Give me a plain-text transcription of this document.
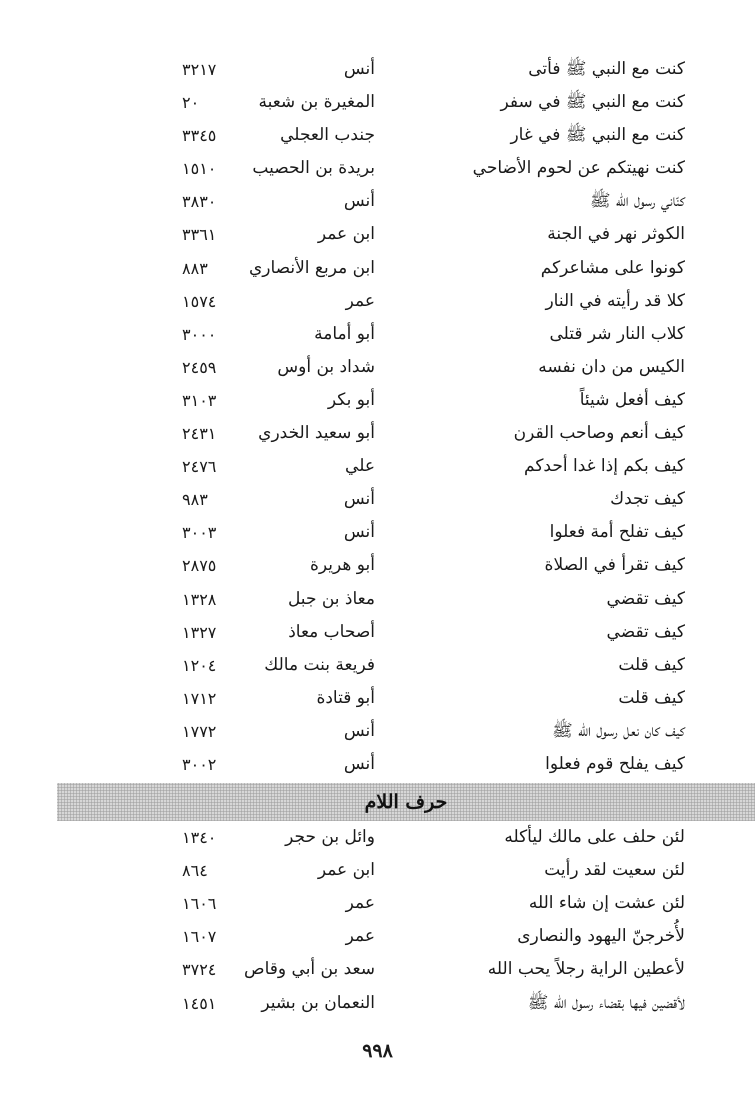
كنت مع النبي ﷺ فأتى
أنس
٣٢١٧
كنت مع النبي ﷺ في سفر
المغيرة بن شعبة
٢٠
كنت مع النبي ﷺ في غار
جندب العجلي
٣٣٤٥
كنت نهيتكم عن لحوم الأضاحي
بريدة بن الحصيب
١٥١٠
كنّاني رسول الله ﷺ
أنس
٣٨٣٠
الكوثر نهر في الجنة
ابن عمر
٣٣٦١
كونوا على مشاعركم
ابن مربع الأنصاري
٨٨٣
كلا قد رأيته في النار
عمر
١٥٧٤
كلاب النار شر قتلى
أبو أمامة
٣٠٠٠
الكيس من دان نفسه
شداد بن أوس
٢٤٥٩
كيف أفعل شيئاً
أبو بكر
٣١٠٣
كيف أنعم وصاحب القرن
أبو سعيد الخدري
٢٤٣١
كيف بكم إذا غدا أحدكم
علي
٢٤٧٦
كيف تجدك
أنس
٩٨٣
كيف تفلح أمة فعلوا
أنس
٣٠٠٣
كيف تقرأ في الصلاة
أبو هريرة
٢٨٧٥
كيف تقضي
معاذ بن جبل
١٣٢٨
كيف تقضي
أصحاب معاذ
١٣٢٧
كيف قلت
فريعة بنت مالك
١٢٠٤
كيف قلت
أبو قتادة
١٧١٢
كيف كان نعل رسول الله ﷺ
أنس
١٧٧٢
كيف يفلح قوم فعلوا
أنس
٣٠٠٢
حرف اللام
لئن حلف على مالك ليأكله
وائل بن حجر
١٣٤٠
لئن سعيت لقد رأيت
ابن عمر
٨٦٤
لئن عشت إن شاء الله
عمر
١٦٠٦
لأُخرجنّ اليهود والنصارى
عمر
١٦٠٧
لأعطين الراية رجلاً يحب الله
سعد بن أبي وقاص
٣٧٢٤
لأقضين فيها بقضاء رسول الله ﷺ
النعمان بن بشير
١٤٥١
٩٩٨
